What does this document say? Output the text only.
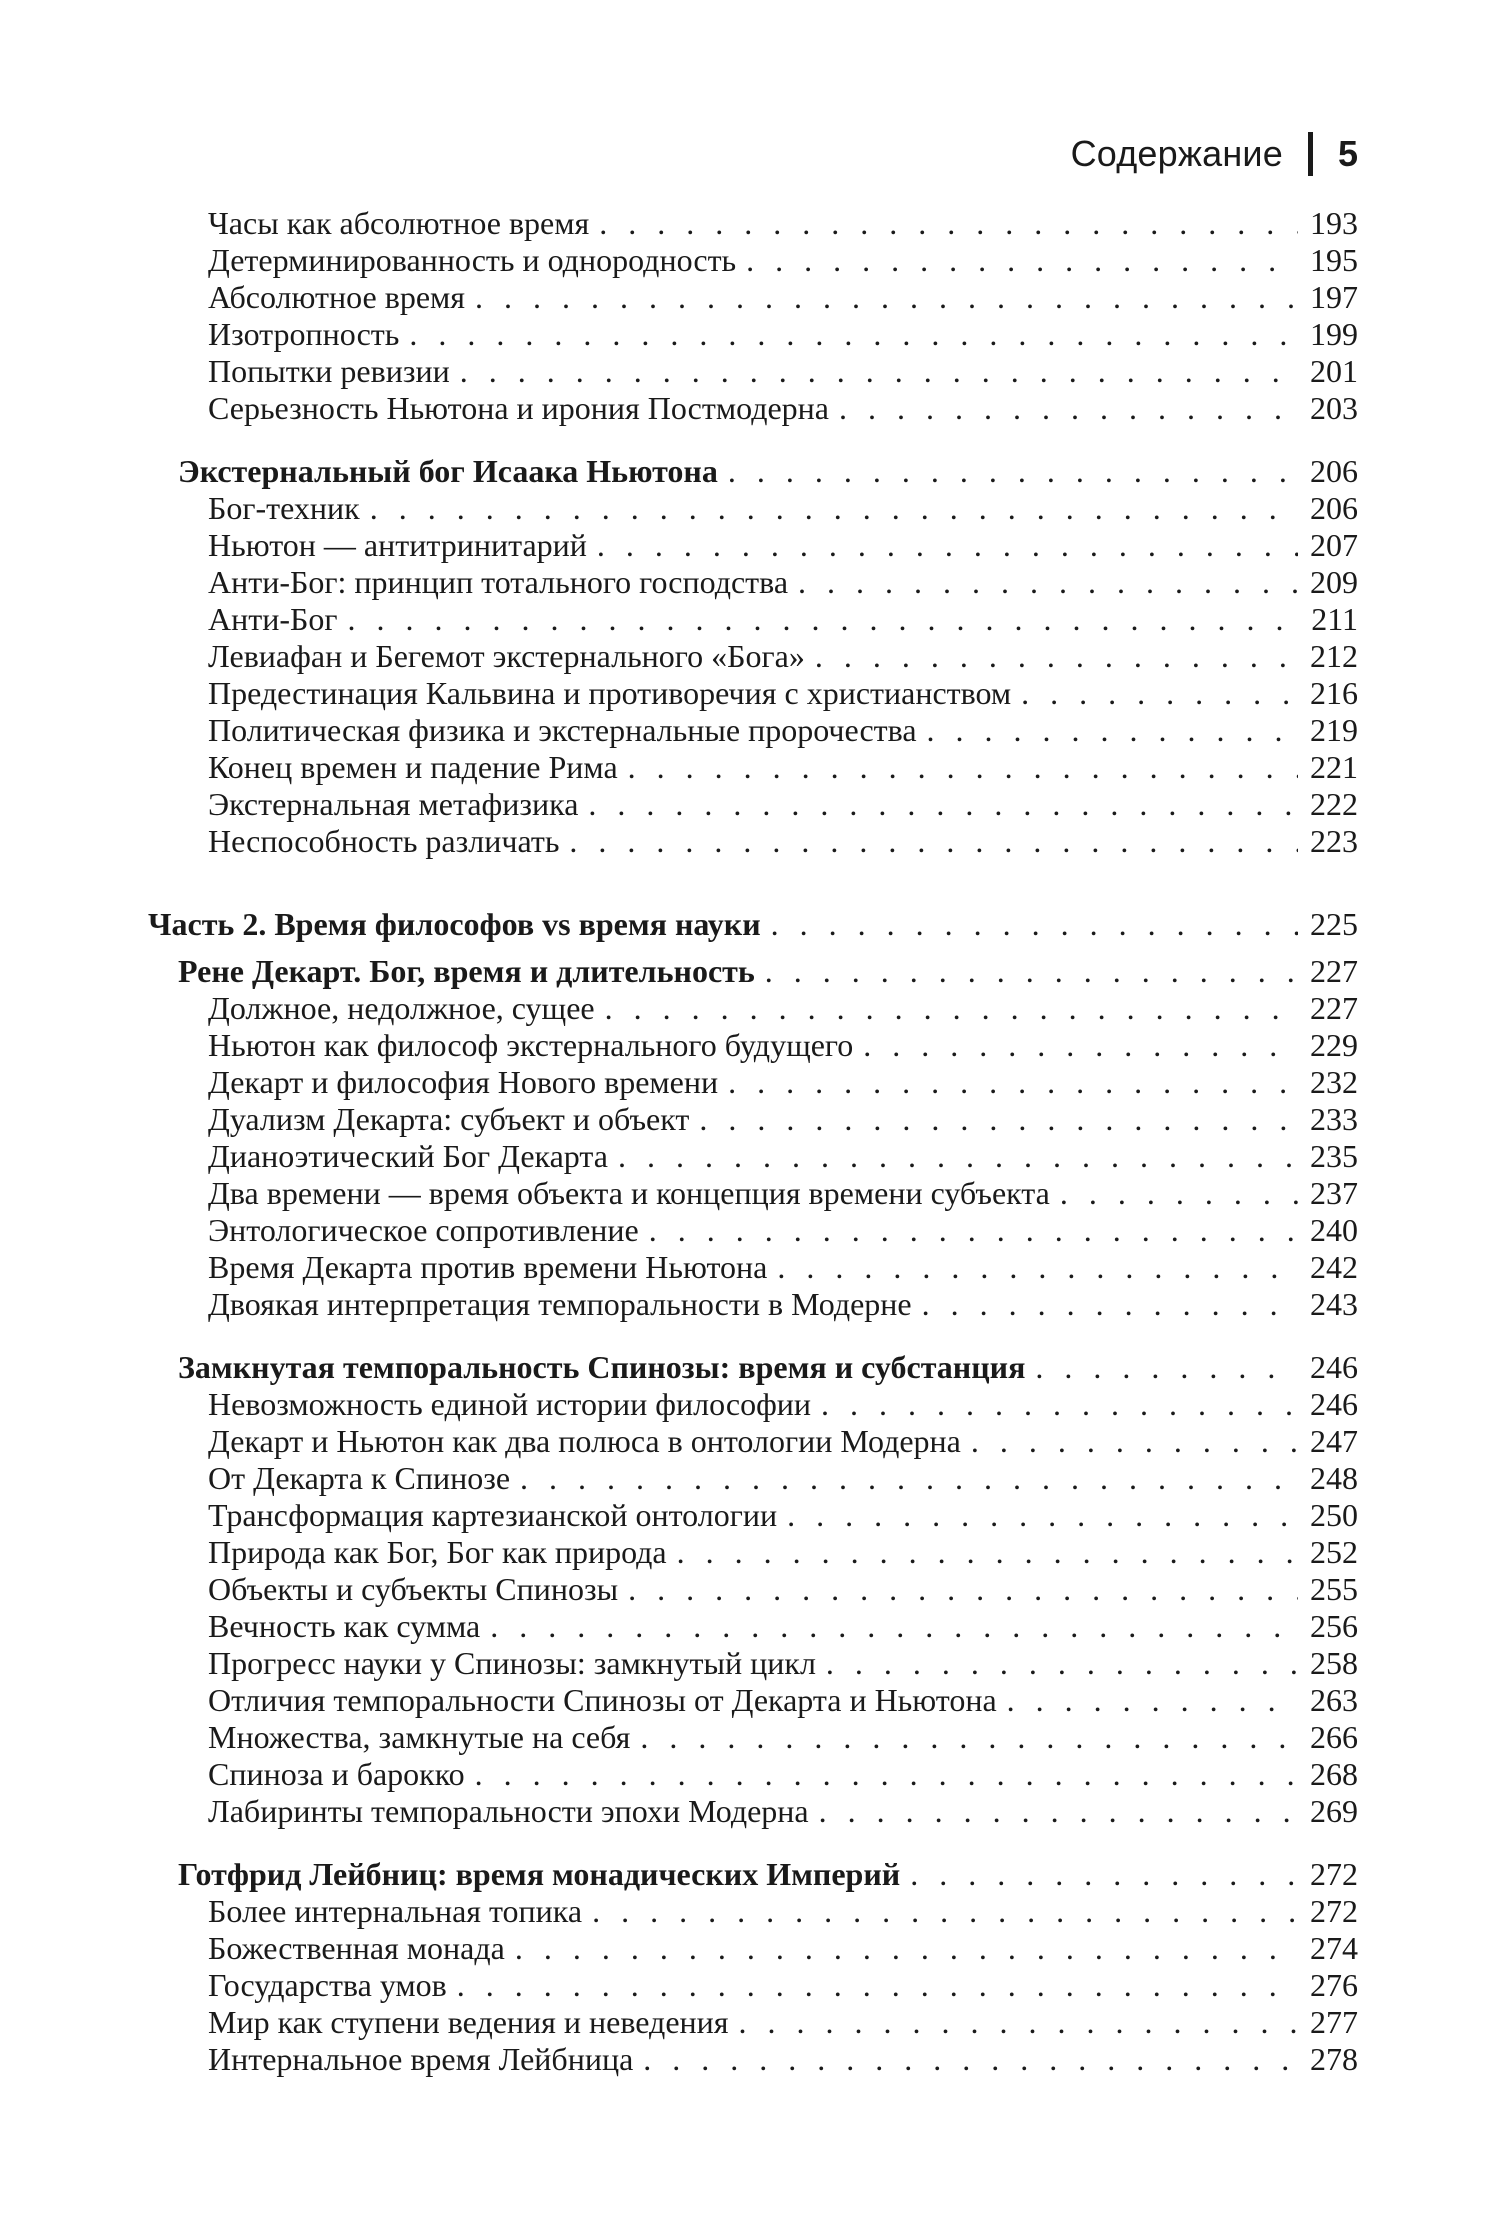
Содержание 5
Часы как абсолютное время . . .	193
Детерминированность и однородность . . .	195
Абсолютное время . . .	197
Изотропность . . .	199
Попытки ревизии . . .	201
Серьезность Ньютона и ирония Постмодерна . . .	203
Экстернальный бог Исаака Ньютона . . .	206
Бог-техник . . .	206
Ньютон — антитринитарий . . .	207
Анти-Бог: принцип тотального господства . . .	209
Анти-Бог . . .	211
Левиафан и Бегемот экстернального «Бога» . . .	212
Предестинация Кальвина и противоречия с христианством . . .	216
Политическая физика и экстернальные пророчества . . .	219
Конец времен и падение Рима . . .	221
Экстернальная метафизика . . .	222
Неспособность различать . . .	223
Часть 2. Время философов vs время науки . . .	225
Рене Декарт. Бог, время и длительность . . .	227
Должное, недолжное, сущее . . .	227
Ньютон как философ экстернального будущего . . .	229
Декарт и философия Нового времени . . .	232
Дуализм Декарта: субъект и объект . . .	233
Дианоэтический Бог Декарта . . .	235
Два времени — время объекта и концепция времени субъекта . . .	237
Энтологическое сопротивление . . .	240
Время Декарта против времени Ньютона . . .	242
Двоякая интерпретация темпоральности в Модерне . . .	243
Замкнутая темпоральность Спинозы: время и субстанция . . .	246
Невозможность единой истории философии . . .	246
Декарт и Ньютон как два полюса в онтологии Модерна . . .	247
От Декарта к Спинозе . . .	248
Трансформация картезианской онтологии . . .	250
Природа как Бог, Бог как природа . . .	252
Объекты и субъекты Спинозы . . .	255
Вечность как сумма . . .	256
Прогресс науки у Спинозы: замкнутый цикл . . .	258
Отличия темпоральности Спинозы от Декарта и Ньютона . . .	263
Множества, замкнутые на себя . . .	266
Спиноза и барокко . . .	268
Лабиринты темпоральности эпохи Модерна . . .	269
Готфрид Лейбниц: время монадических Империй . . .	272
Более интернальная топика . . .	272
Божественная монада . . .	274
Государства умов . . .	276
Мир как ступени ведения и неведения . . .	277
Интернальное время Лейбница . . .	278
